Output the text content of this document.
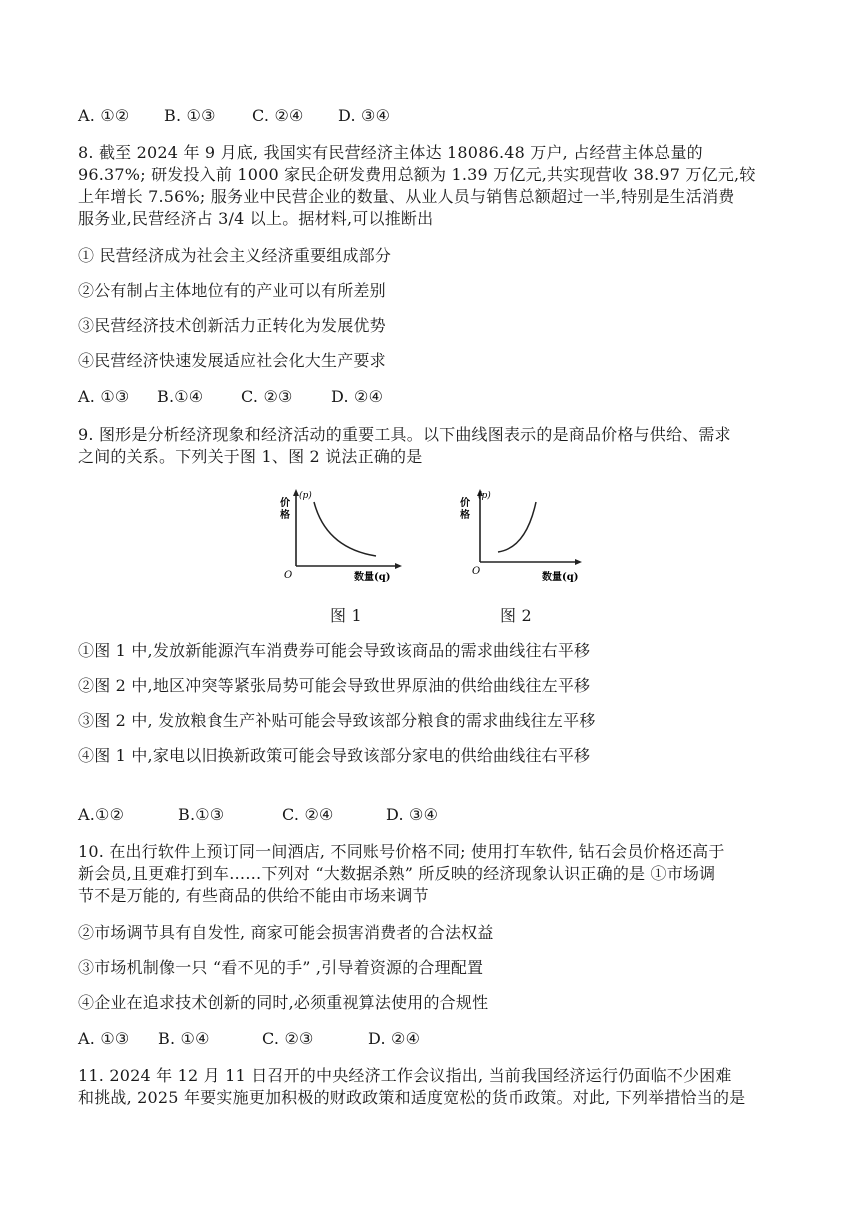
A. ①② B. ①③ C. ②④ D. ③④
8. 截至 2024 年 9 月底, 我国实有民营经济主体达 18086.48 万户, 占经营主体总量的
96.37%; 研发投入前 1000 家民企研发费用总额为 1.39 万亿元,共实现营收 38.97 万亿元,较
上年增长 7.56%; 服务业中民营企业的数量、从业人员与销售总额超过一半,特别是生活消费
服务业,民营经济占 3/4 以上。据材料,可以推断出
① 民营经济成为社会主义经济重要组成部分
②公有制占主体地位有的产业可以有所差别
③民营经济技术创新活力正转化为发展优势
④民营经济快速发展适应社会化大生产要求
A. ①③ B.①④ C. ②③ D. ②④
9. 图形是分析经济现象和经济活动的重要工具。以下曲线图表示的是商品价格与供给、需求
之间的关系。下列关于图 1、图 2 说法正确的是
(p)
价
格
O	数量(q)
(p)
价
格
O
数量(q)
图 1	图 2
①图 1 中,发放新能源汽车消费券可能会导致该商品的需求曲线往右平移
②图 2 中,地区冲突等紧张局势可能会导致世界原油的供给曲线往左平移
③图 2 中, 发放粮食生产补贴可能会导致该部分粮食的需求曲线往左平移
④图 1 中,家电以旧换新政策可能会导致该部分家电的供给曲线往右平移
A.①②	B.①③	C. ②④	D. ③④
10. 在出行软件上预订同一间酒店, 不同账号价格不同; 使用打车软件, 钻石会员价格还高于
新会员,且更难打到车……下列对 “大数据杀熟” 所反映的经济现象认识正确的是 ①市场调
节不是万能的, 有些商品的供给不能由市场来调节
②市场调节具有自发性, 商家可能会损害消费者的合法权益
③市场机制像一只 “看不见的手” ,引导着资源的合理配置
④企业在追求技术创新的同时,必须重视算法使用的合规性
A. ①③ B. ①④	C. ②③	D. ②④
11. 2024 年 12 月 11 日召开的中央经济工作会议指出, 当前我国经济运行仍面临不少困难
和挑战, 2025 年要实施更加积极的财政政策和适度宽松的货币政策。对此, 下列举措恰当的是
